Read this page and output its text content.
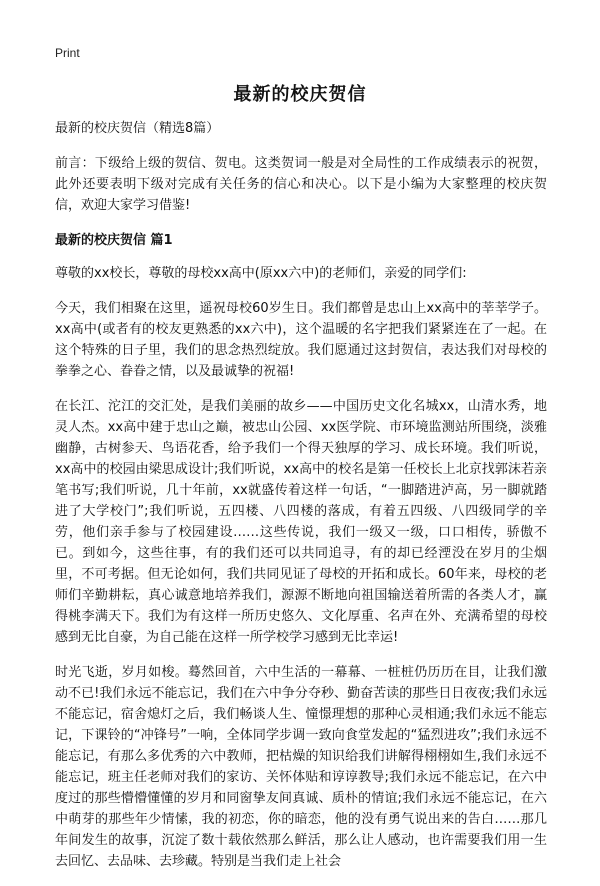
Print
最新的校庆贺信

最新的校庆贺信（精选8篇）

前言：下级给上级的贺信、贺电。这类贺词一般是对全局性的工作成绩表示的祝贺，此外还要表明下级对完成有关任务的信心和决心。以下是小编为大家整理的校庆贺信，欢迎大家学习借鉴!

最新的校庆贺信 篇1

尊敬的xx校长，尊敬的母校xx高中(原xx六中)的老师们，亲爱的同学们:

今天，我们相聚在这里，遥祝母校60岁生日。我们都曾是忠山上xx高中的莘莘学子。xx高中(或者有的校友更熟悉的xx六中)，这个温暖的名字把我们紧紧连在了一起。在这个特殊的日子里，我们的思念热烈绽放。我们愿通过这封贺信，表达我们对母校的拳拳之心、眷眷之情，以及最诚挚的祝福!

在长江、沱江的交汇处，是我们美丽的故乡——中国历史文化名城xx，山清水秀，地灵人杰。xx高中建于忠山之巅，被忠山公园、xx医学院、市环境监测站所围绕，淡雅幽静，古树参天、鸟语花香，给予我们一个得天独厚的学习、成长环境。我们听说，xx高中的校园由梁思成设计;我们听说，xx高中的校名是第一任校长上北京找郭沫若亲笔书写;我们听说，几十年前，xx就盛传着这样一句话，“一脚踏进泸高，另一脚就踏进了大学校门”;我们听说，五四楼、八四楼的落成，有着五四级、八四级同学的辛劳，他们亲手参与了校园建设……这些传说，我们一级又一级，口口相传，骄傲不已。到如今，这些往事，有的我们还可以共同追寻，有的却已经湮没在岁月的尘烟里，不可考据。但无论如何，我们共同见证了母校的开拓和成长。60年来，母校的老师们辛勤耕耘，真心诚意地培养我们，源源不断地向祖国输送着所需的各类人才，赢得桃李满天下。我们为有这样一所历史悠久、文化厚重、名声在外、充满希望的母校感到无比自豪，为自己能在这样一所学校学习感到无比幸运!

时光飞逝，岁月如梭。蓦然回首，六中生活的一幕幕、一桩桩仍历历在目，让我们激动不已!我们永远不能忘记，我们在六中争分夺秒、勤奋苦读的那些日日夜夜;我们永远不能忘记，宿舍熄灯之后，我们畅谈人生、憧憬理想的那种心灵相通;我们永远不能忘记，下课铃的“冲锋号”一响，全体同学步调一致向食堂发起的“猛烈进攻”;我们永远不能忘记，有那么多优秀的六中教师，把枯燥的知识给我们讲解得栩栩如生,我们永远不能忘记，班主任老师对我们的家访、关怀体贴和谆谆教导;我们永远不能忘记，在六中度过的那些懵懵懂懂的岁月和同窗挚友间真诚、质朴的情谊;我们永远不能忘记，在六中萌芽的那些年少情愫，我的初恋，你的暗恋，他的没有勇气说出来的告白……那几年间发生的故事，沉淀了数十载依然那么鲜活，那么让人感动，也许需要我们用一生去回忆、去品味、去珍藏。特别是当我们走上社会
